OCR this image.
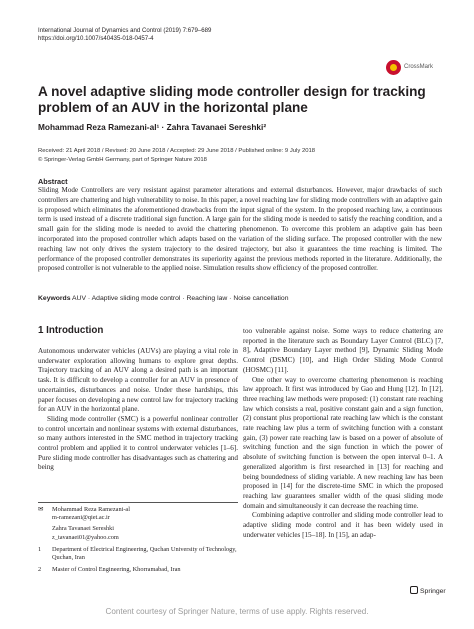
International Journal of Dynamics and Control (2019) 7:679–689
https://doi.org/10.1007/s40435-018-0457-4
CrossMark
A novel adaptive sliding mode controller design for tracking problem of an AUV in the horizontal plane
Mohammad Reza Ramezani-al¹ · Zahra Tavanaei Sereshki²
Received: 21 April 2018 / Revised: 20 June 2018 / Accepted: 29 June 2018 / Published online: 9 July 2018
© Springer-Verlag GmbH Germany, part of Springer Nature 2018
Abstract
Sliding Mode Controllers are very resistant against parameter alterations and external disturbances. However, major drawbacks of such controllers are chattering and high vulnerability to noise. In this paper, a novel reaching law for sliding mode controllers with an adaptive gain is proposed which eliminates the aforementioned drawbacks from the input signal of the system. In the proposed reaching law, a continuous term is used instead of a discrete traditional sign function. A large gain for the sliding mode is needed to satisfy the reaching condition, and a small gain for the sliding mode is needed to avoid the chattering phenomenon. To overcome this problem an adaptive gain has been incorporated into the proposed controller which adapts based on the variation of the sliding surface. The proposed controller with the new reaching law not only drives the system trajectory to the desired trajectory, but also it guarantees the time reaching is limited. The performance of the proposed controller demonstrates its superiority against the previous methods reported in the literature. Additionally, the proposed controller is not vulnerable to the applied noise. Simulation results show efficiency of the proposed controller.
Keywords AUV · Adaptive sliding mode control · Reaching law · Noise cancellation
1 Introduction

Autonomous underwater vehicles (AUVs) are playing a vital role in underwater exploration allowing humans to explore great depths. Trajectory tracking of an AUV along a desired path is an important task. It is difficult to develop a controller for an AUV in presence of uncertainties, disturbances and noise. Under these hardships, this paper focuses on developing a new control law for trajectory tracking for an AUV in the horizontal plane.

Sliding mode controller (SMC) is a powerful nonlinear controller to control uncertain and nonlinear systems with external disturbances, so many authors interested in the SMC method in trajectory tracking control problem and applied it to control underwater vehicles [1–6]. Pure sliding mode controller has disadvantages such as chattering and being

too vulnerable against noise. Some ways to reduce chattering are reported in the literature such as Boundary Layer Control (BLC) [7, 8], Adaptive Boundary Layer method [9], Dynamic Sliding Mode Control (DSMC) [10], and High Order Sliding Mode Control (HOSMC) [11].

One other way to overcome chattering phenomenon is reaching law approach. It first was introduced by Gao and Hung [12]. In [12], three reaching law methods were proposed: (1) constant rate reaching law which consists a real, positive constant gain and a sign function, (2) constant plus proportional rate reaching law which is the constant rate reaching law plus a term of switching function with a constant gain, (3) power rate reaching law is based on a power of absolute of switching function and the sign function in which the power of absolute of switching function is between the open interval 0–1. A generalized algorithm is first researched in [13] for reaching and being boundedness of sliding variable. A new reaching law has been proposed in [14] for the discrete-time SMC in which the proposed reaching law guarantees smaller width of the quasi sliding mode domain and simultaneously it can decrease the reaching time.

Combining adaptive controller and sliding mode controller lead to adaptive sliding mode control and it has been widely used in underwater vehicles [15–18]. In [15], an adap-

✉	Mohammad Reza Ramezani-al
m-ramezani@qiet.ac.ir
Zahra Tavanaei Sereshki
z_tavanaei01@yahoo.com
1	Department of Electrical Engineering, Quchan University of Technology, Quchan, Iran
2	Master of Control Engineering, Khorramabad, Iran
Springer
Content courtesy of Springer Nature, terms of use apply. Rights reserved.
